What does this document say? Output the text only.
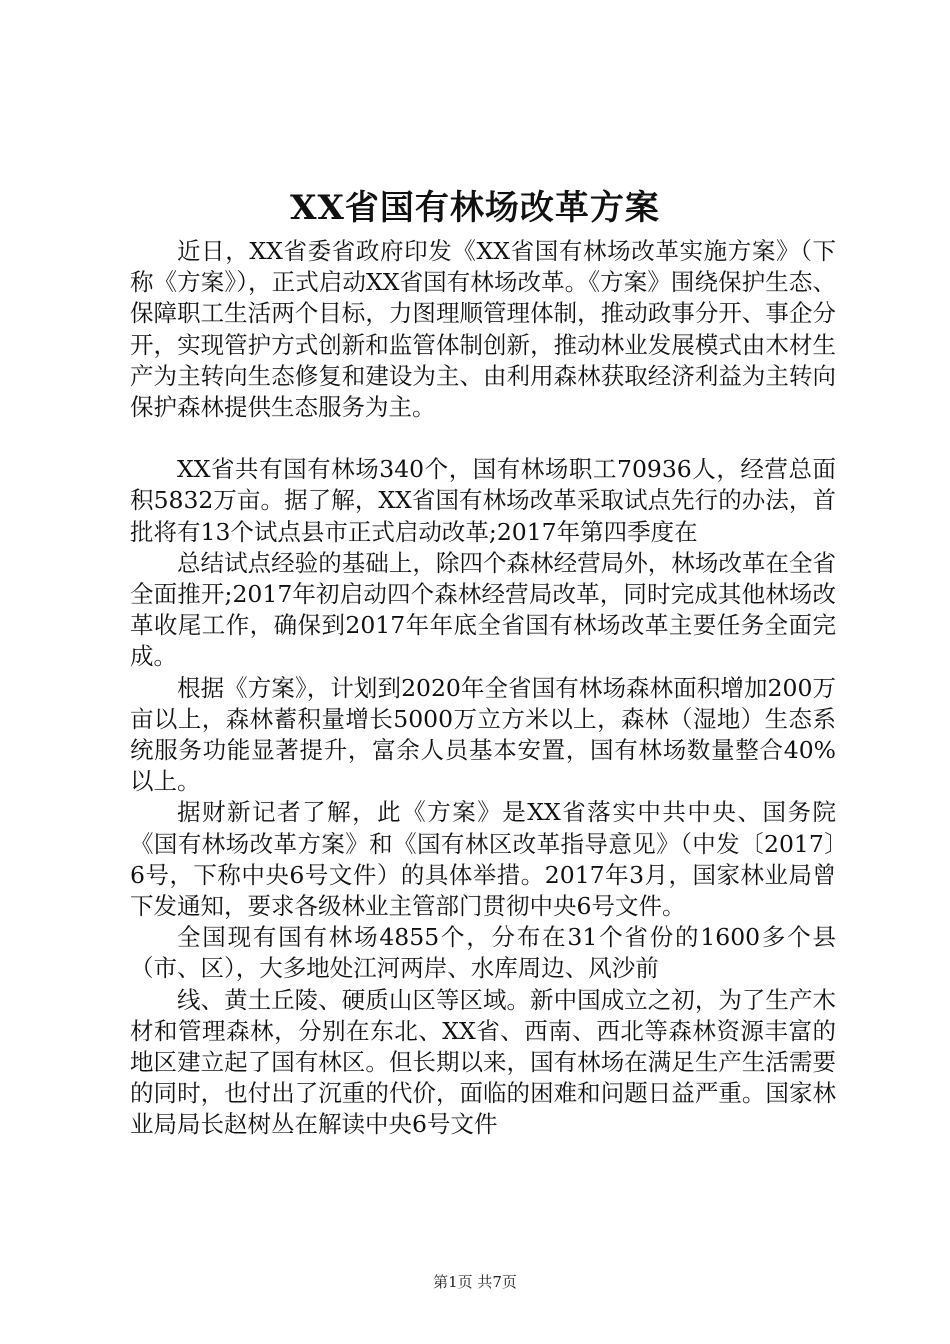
XX省国有林场改革方案

近日，XX省委省政府印发《XX省国有林场改革实施方案》（下称《方案》），正式启动XX省国有林场改革。《方案》围绕保护生态、保障职工生活两个目标，力图理顺管理体制，推动政事分开、事企分开，实现管护方式创新和监管体制创新，推动林业发展模式由木材生产为主转向生态修复和建设为主、由利用森林获取经济利益为主转向保护森林提供生态服务为主。

XX省共有国有林场340个，国有林场职工70936人，经营总面积5832万亩。据了解，XX省国有林场改革采取试点先行的办法，首批将有13个试点县市正式启动改革;2017年第四季度在

总结试点经验的基础上，除四个森林经营局外，林场改革在全省全面推开;2017年初启动四个森林经营局改革，同时完成其他林场改革收尾工作，确保到2017年年底全省国有林场改革主要任务全面完成。

根据《方案》，计划到2020年全省国有林场森林面积增加200万亩以上，森林蓄积量增长5000万立方米以上，森林（湿地）生态系统服务功能显著提升，富余人员基本安置，国有林场数量整合40%以上。

据财新记者了解，此《方案》是XX省落实中共中央、国务院《国有林场改革方案》和《国有林区改革指导意见》（中发〔2017〕6号，下称中央6号文件）的具体举措。2017年3月，国家林业局曾下发通知，要求各级林业主管部门贯彻中央6号文件。

全国现有国有林场4855个，分布在31个省份的1600多个县（市、区），大多地处江河两岸、水库周边、风沙前

线、黄土丘陵、硬质山区等区域。新中国成立之初，为了生产木材和管理森林，分别在东北、XX省、西南、西北等森林资源丰富的地区建立起了国有林区。但长期以来，国有林场在满足生产生活需要的同时，也付出了沉重的代价，面临的困难和问题日益严重。国家林业局局长赵树丛在解读中央6号文件

第1页 共7页
